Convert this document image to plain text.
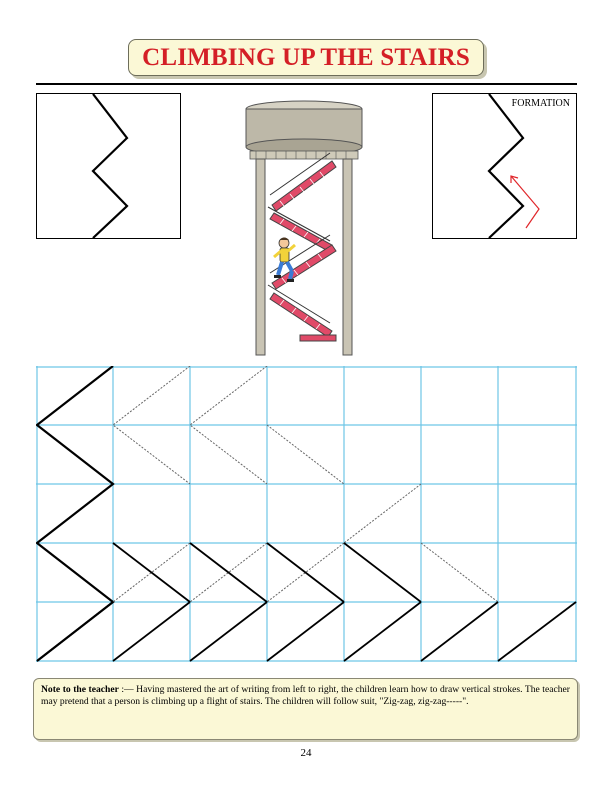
CLIMBING UP THE STAIRS
FORMATION
Note to the teacher :— Having mastered the art of writing from left to right, the children learn how to draw vertical strokes. The teacher may pretend that a person is climbing up a flight of stairs. The children will follow suit, "Zig-zag, zig-zag-----".
24
